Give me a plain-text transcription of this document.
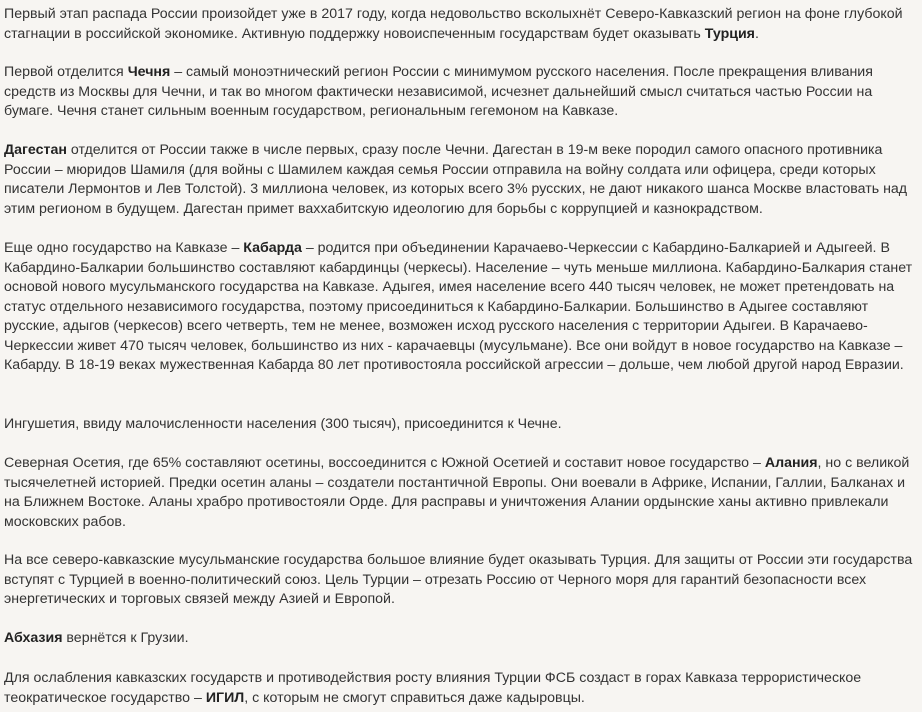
Первый этап распада России произойдет уже в 2017 году, когда недовольство всколыхнёт Северо-Кавказский регион на фоне глубокой стагнации в российской экономике. Активную поддержку новоиспеченным государствам будет оказывать Турция.

Первой отделится Чечня – самый моноэтнический регион России с минимумом русского населения. После прекращения вливания средств из Москвы для Чечни, и так во многом фактически независимой, исчезнет дальнейший смысл считаться частью России на бумаге. Чечня станет сильным военным государством, региональным гегемоном на Кавказе.

Дагестан отделится от России также в числе первых, сразу после Чечни. Дагестан в 19-м веке породил самого опасного противника России – мюридов Шамиля (для войны с Шамилем каждая семья России отправила на войну солдата или офицера, среди которых писатели Лермонтов и Лев Толстой). 3 миллиона человек, из которых всего 3% русских, не дают никакого шанса Москве властовать над этим регионом в будущем. Дагестан примет ваххабитскую идеологию для борьбы с коррупцией и казнокрадством.

Еще одно государство на Кавказе – Кабарда – родится при объединении Карачаево-Черкессии с Кабардино-Балкарией и Адыгеей. В Кабардино-Балкарии большинство составляют кабардинцы (черкесы). Население – чуть меньше миллиона. Кабардино-Балкария станет основой нового мусульманского государства на Кавказе. Адыгея, имея население всего 440 тысяч человек, не может претендовать на статус отдельного независимого государства, поэтому присоединиться к Кабардино-Балкарии. Большинство в Адыгее составляют русские, адыгов (черкесов) всего четверть, тем не менее, возможен исход русского населения с территории Адыгеи. В Карачаево-Черкессии живет 470 тысяч человек, большинство из них - карачаевцы (мусульмане). Все они войдут в новое государство на Кавказе – Кабарду. В 18-19 веках мужественная Кабарда 80 лет противостояла российской агрессии – дольше, чем любой другой народ Евразии.

Ингушетия, ввиду малочисленности населения (300 тысяч), присоединится к Чечне.

Северная Осетия, где 65% составляют осетины, воссоединится с Южной Осетией и составит новое государство – Алания, но с великой тысячелетней историей. Предки осетин аланы – создатели постантичной Европы. Они воевали в Африке, Испании, Галлии, Балканах и на Ближнем Востоке. Аланы храбро противостояли Орде. Для расправы и уничтожения Алании ордынские ханы активно привлекали московских рабов.

На все северо-кавказские мусульманские государства большое влияние будет оказывать Турция. Для защиты от России эти государства вступят с Турцией в военно-политический союз. Цель Турции – отрезать Россию от Черного моря для гарантий безопасности всех энергетических и торговых связей между Азией и Европой.

Абхазия вернётся к Грузии.

Для ослабления кавказских государств и противодействия росту влияния Турции ФСБ создаст в горах Кавказа террористическое теократическое государство – ИГИЛ, с которым не смогут справиться даже кадыровцы.
